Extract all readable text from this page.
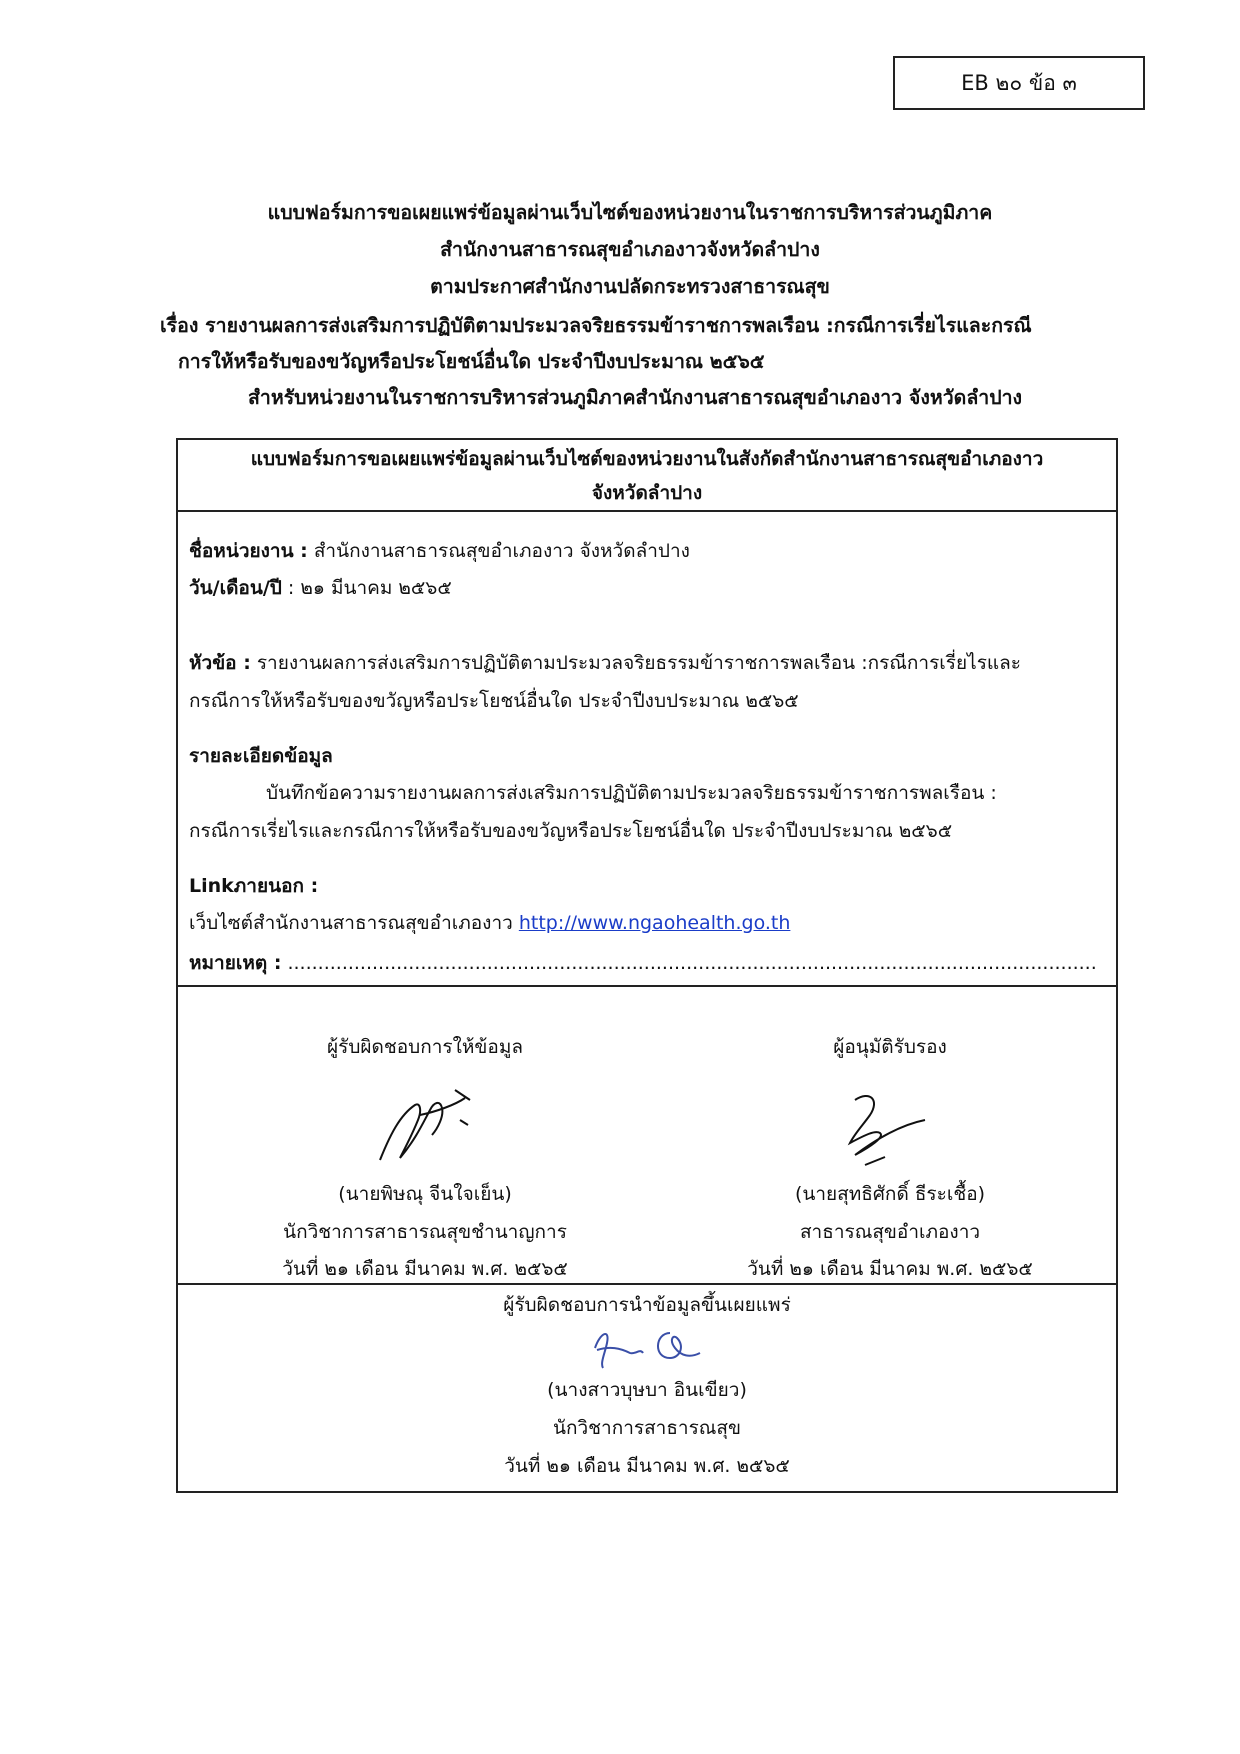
EB ๒๐ ข้อ ๓
แบบฟอร์มการขอเผยแพร่ข้อมูลผ่านเว็บไซต์ของหน่วยงานในราชการบริหารส่วนภูมิภาค
สำนักงานสาธารณสุขอำเภองาวจังหวัดลำปาง
ตามประกาศสำนักงานปลัดกระทรวงสาธารณสุข
เรื่อง รายงานผลการส่งเสริมการปฏิบัติตามประมวลจริยธรรมข้าราชการพลเรือน :กรณีการเรี่ยไรและกรณี
การให้หรือรับของขวัญหรือประโยชน์อื่นใด ประจำปีงบประมาณ ๒๕๖๕
สำหรับหน่วยงานในราชการบริหารส่วนภูมิภาคสำนักงานสาธารณสุขอำเภองาว จังหวัดลำปาง
แบบฟอร์มการขอเผยแพร่ข้อมูลผ่านเว็บไซต์ของหน่วยงานในสังกัดสำนักงานสาธารณสุขอำเภองาว
จังหวัดลำปาง
ชื่อหน่วยงาน : สำนักงานสาธารณสุขอำเภองาว จังหวัดลำปาง
วัน/เดือน/ปี : ๒๑ มีนาคม ๒๕๖๕
หัวข้อ : รายงานผลการส่งเสริมการปฏิบัติตามประมวลจริยธรรมข้าราชการพลเรือน :กรณีการเรี่ยไรและ
กรณีการให้หรือรับของขวัญหรือประโยชน์อื่นใด ประจำปีงบประมาณ ๒๕๖๕
รายละเอียดข้อมูล
บันทึกข้อความรายงานผลการส่งเสริมการปฏิบัติตามประมวลจริยธรรมข้าราชการพลเรือน :
กรณีการเรี่ยไรและกรณีการให้หรือรับของขวัญหรือประโยชน์อื่นใด ประจำปีงบประมาณ ๒๕๖๕
Linkภายนอก :
เว็บไซต์สำนักงานสาธารณสุขอำเภองาว http://www.ngaohealth.go.th
หมายเหตุ : ......................................................................................................................................
ผู้รับผิดชอบการให้ข้อมูล
(นายพิษณุ จีนใจเย็น)
นักวิชาการสาธารณสุขชำนาญการ
วันที่ ๒๑ เดือน มีนาคม พ.ศ. ๒๕๖๕
ผู้อนุมัติรับรอง
(นายสุทธิศักดิ์ ธีระเชื้อ)
สาธารณสุขอำเภองาว
วันที่ ๒๑ เดือน มีนาคม พ.ศ. ๒๕๖๕
ผู้รับผิดชอบการนำข้อมูลขึ้นเผยแพร่
(นางสาวบุษบา อินเขียว)
นักวิชาการสาธารณสุข
วันที่ ๒๑ เดือน มีนาคม พ.ศ. ๒๕๖๕
